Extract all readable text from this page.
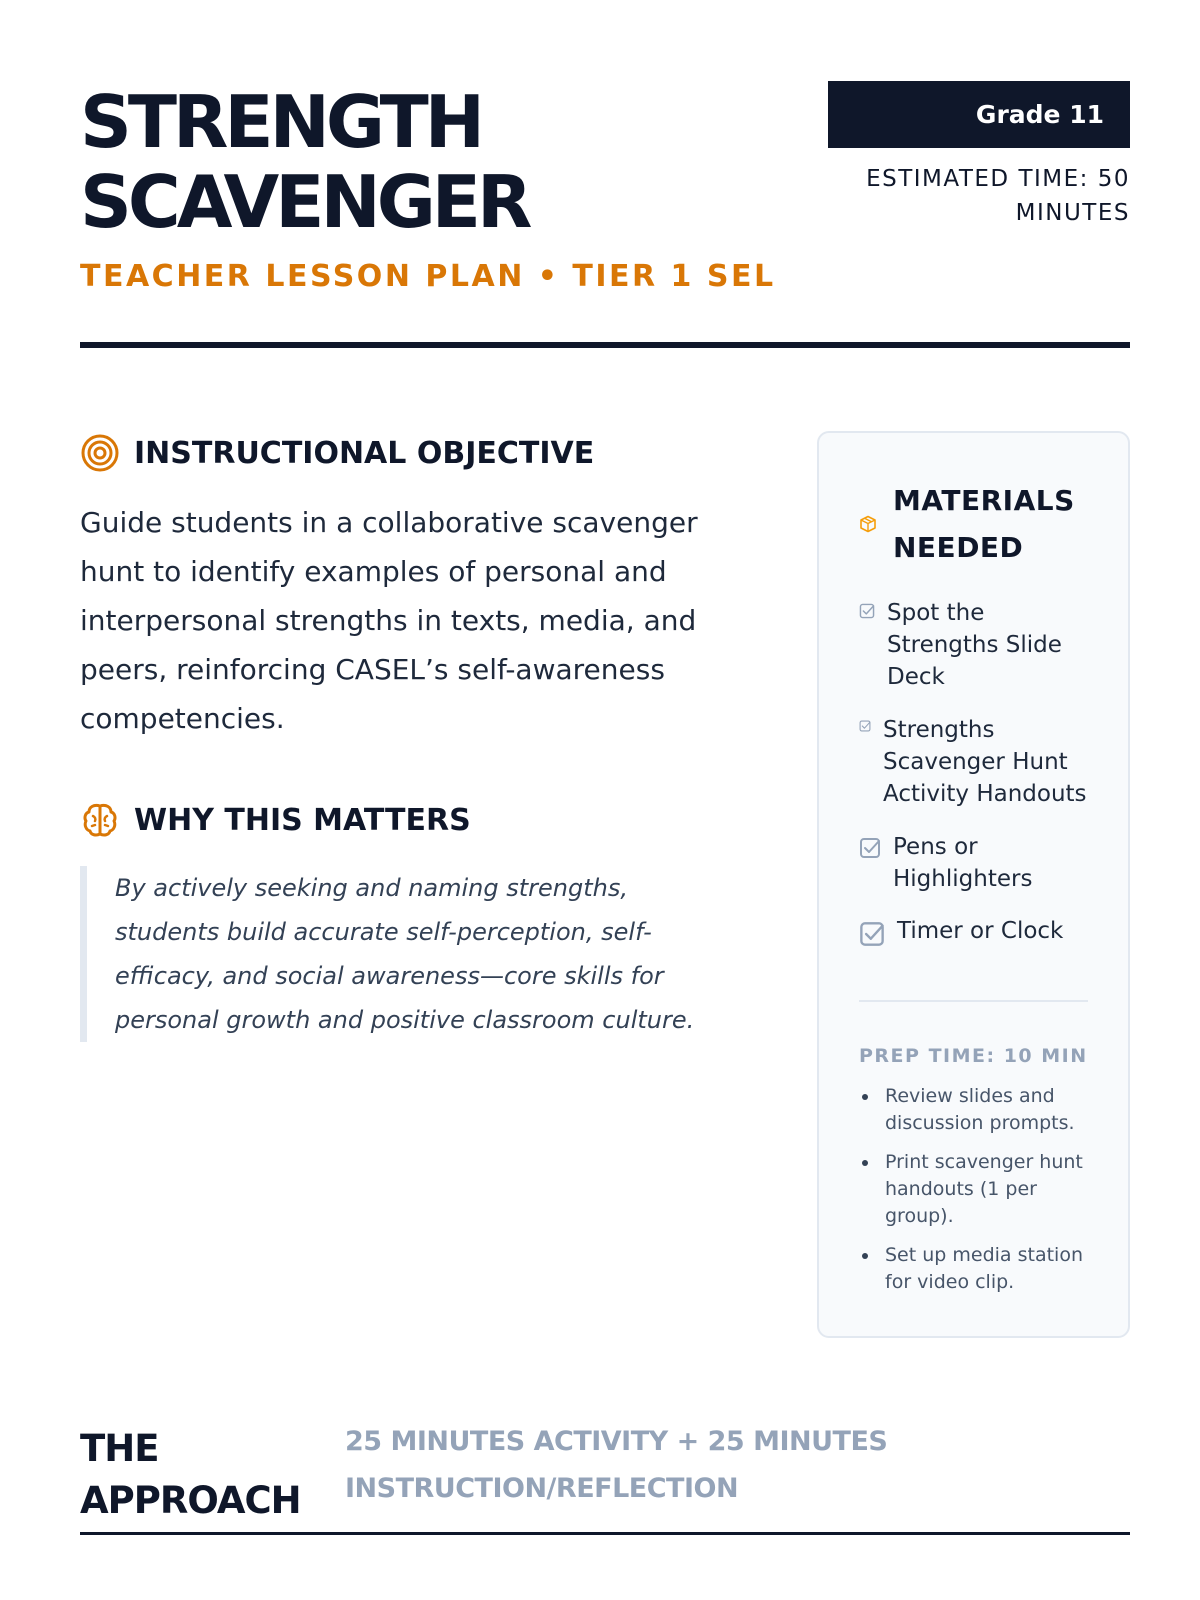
STRENGTH
SCAVENGER
TEACHER LESSON PLAN • TIER 1 SEL
Grade 11
ESTIMATED TIME: 50 MINUTES
INSTRUCTIONAL OBJECTIVE

Guide students in a collaborative scavenger hunt to identify examples of personal and interpersonal strengths in texts, media, and peers, reinforcing CASEL’s self-awareness competencies.

WHY THIS MATTERS

By actively seeking and naming strengths, students build accurate self-perception, self-efficacy, and social awareness—core skills for personal growth and positive classroom culture.

MATERIALS NEEDED
Spot the Strengths Slide Deck
Strengths Scavenger Hunt Activity Handouts
Pens or Highlighters
Timer or Clock
PREP TIME: 10 MIN
Review slides and discussion prompts.
Print scavenger hunt handouts (1 per group).
Set up media station for video clip.
THE
APPROACH
25 MINUTES ACTIVITY + 25 MINUTES INSTRUCTION/REFLECTION
